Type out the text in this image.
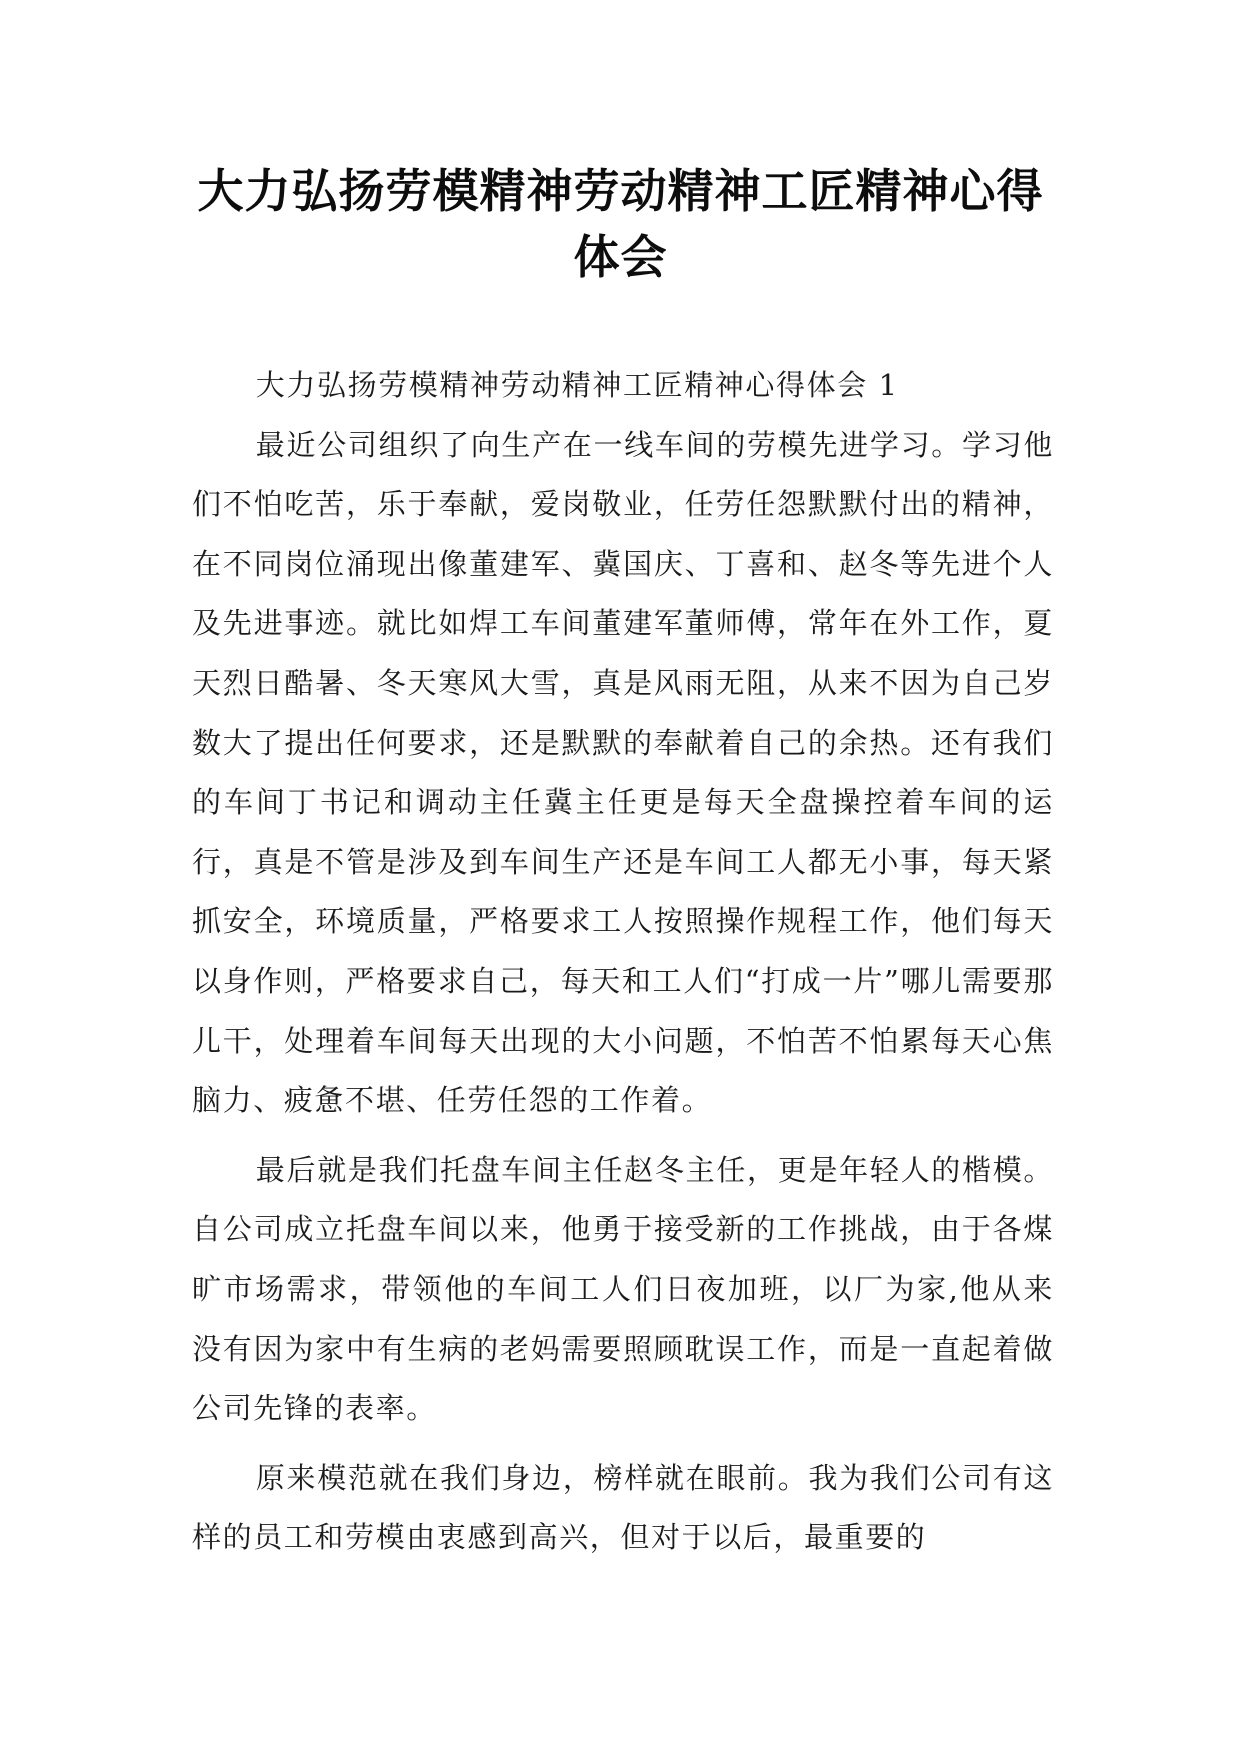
大力弘扬劳模精神劳动精神工匠精神心得
体会

大力弘扬劳模精神劳动精神工匠精神心得体会 1

最近公司组织了向生产在一线车间的劳模先进学习。学习他们不怕吃苦，乐于奉献，爱岗敬业，任劳任怨默默付出的精神，在不同岗位涌现出像董建军、冀国庆、丁喜和、赵冬等先进个人及先进事迹。就比如焊工车间董建军董师傅，常年在外工作，夏天烈日酷暑、冬天寒风大雪，真是风雨无阻，从来不因为自己岁数大了提出任何要求，还是默默的奉献着自己的余热。还有我们的车间丁书记和调动主任冀主任更是每天全盘操控着车间的运行，真是不管是涉及到车间生产还是车间工人都无小事，每天紧抓安全，环境质量，严格要求工人按照操作规程工作，他们每天以身作则，严格要求自己，每天和工人们“打成一片”哪儿需要那儿干，处理着车间每天出现的大小问题，不怕苦不怕累每天心焦脑力、疲惫不堪、任劳任怨的工作着。

最后就是我们托盘车间主任赵冬主任，更是年轻人的楷模。自公司成立托盘车间以来，他勇于接受新的工作挑战，由于各煤旷市场需求，带领他的车间工人们日夜加班，以厂为家,他从来没有因为家中有生病的老妈需要照顾耽误工作，而是一直起着做公司先锋的表率。

原来模范就在我们身边，榜样就在眼前。我为我们公司有这样的员工和劳模由衷感到高兴，但对于以后，最重要的
